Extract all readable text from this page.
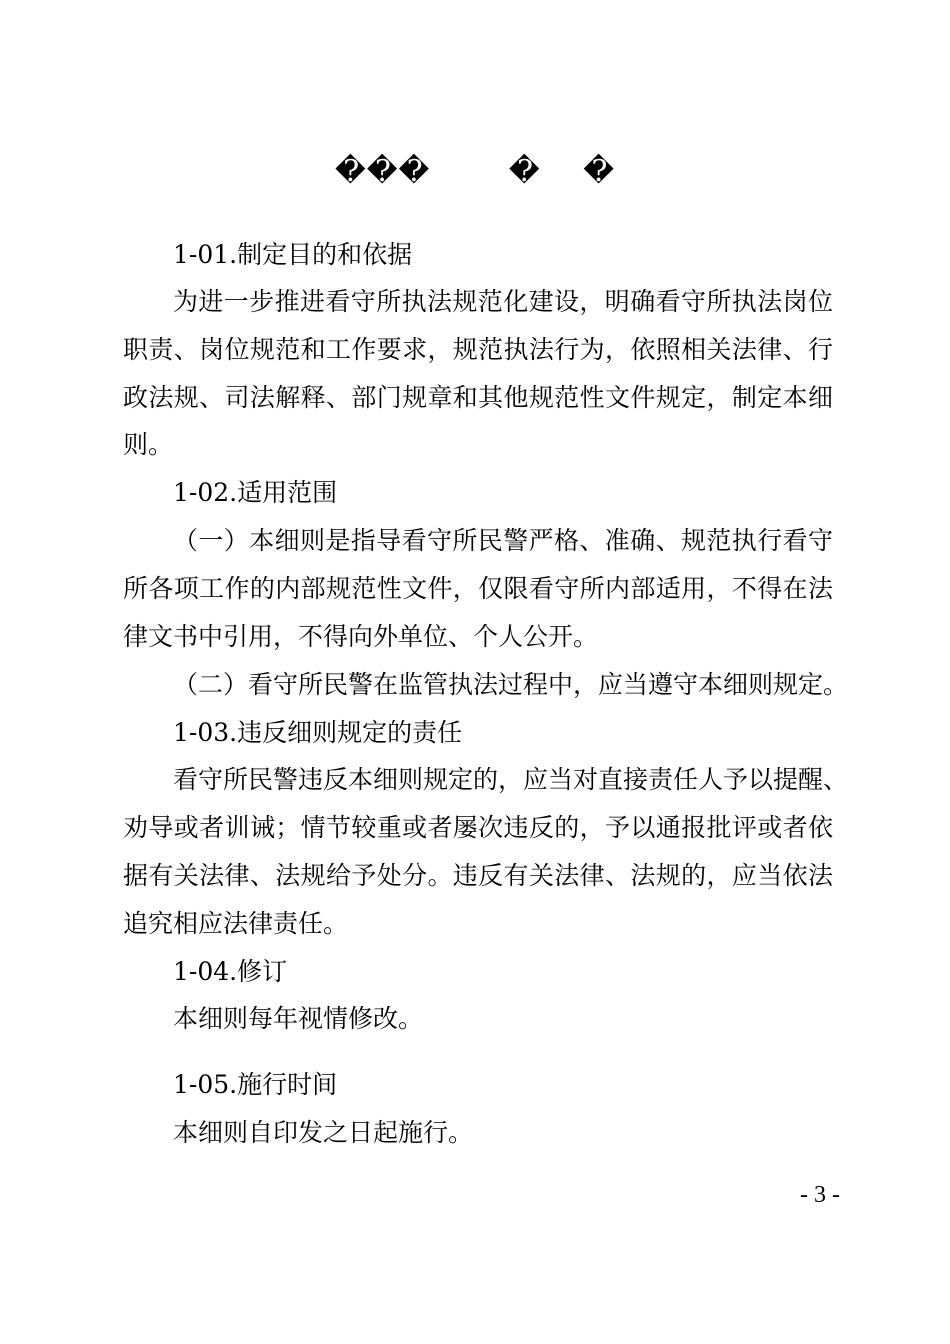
���	� �
1-01.制定目的和依据
为进一步推进看守所执法规范化建设，明确看守所执法岗位
职责、岗位规范和工作要求，规范执法行为，依照相关法律、行
政法规、司法解释、部门规章和其他规范性文件规定，制定本细
则。
1-02.适用范围
（一）本细则是指导看守所民警严格、准确、规范执行看守
所各项工作的内部规范性文件，仅限看守所内部适用，不得在法
律文书中引用，不得向外单位、个人公开。
（二）看守所民警在监管执法过程中，应当遵守本细则规定。
1-03.违反细则规定的责任
看守所民警违反本细则规定的，应当对直接责任人予以提醒、
劝导或者训诫；情节较重或者屡次违反的，予以通报批评或者依
据有关法律、法规给予处分。违反有关法律、法规的，应当依法
追究相应法律责任。
1-04.修订
本细则每年视情修改。
1-05.施行时间
本细则自印发之日起施行。
- 3 -
